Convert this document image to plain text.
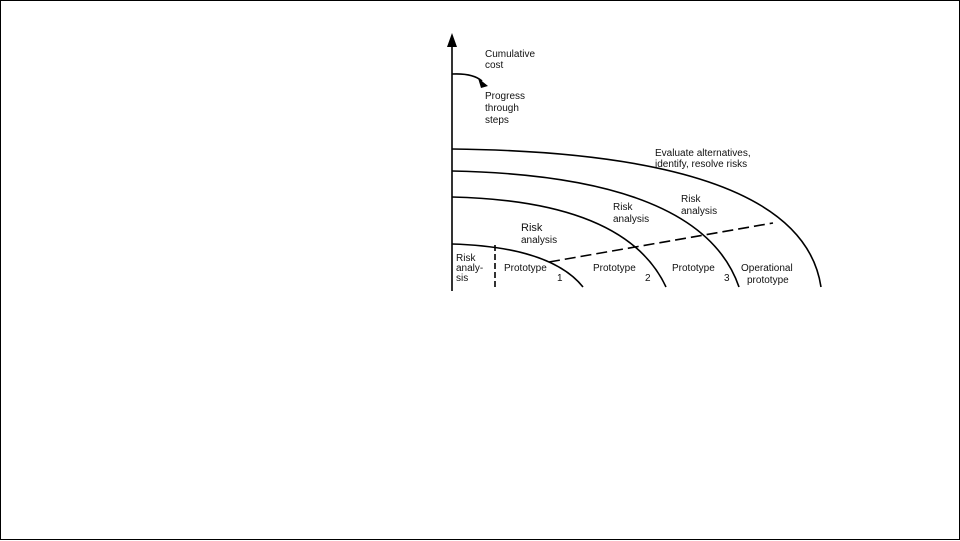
Cumulative
cost
Progress
through
steps
Evaluate alternatives,
identify, resolve risks
Risk
analysis
Risk
analysis
Risk
analysis
Risk
analy-
sis
Prototype
1
Prototype
2
Prototype
3
Operational
prototype
